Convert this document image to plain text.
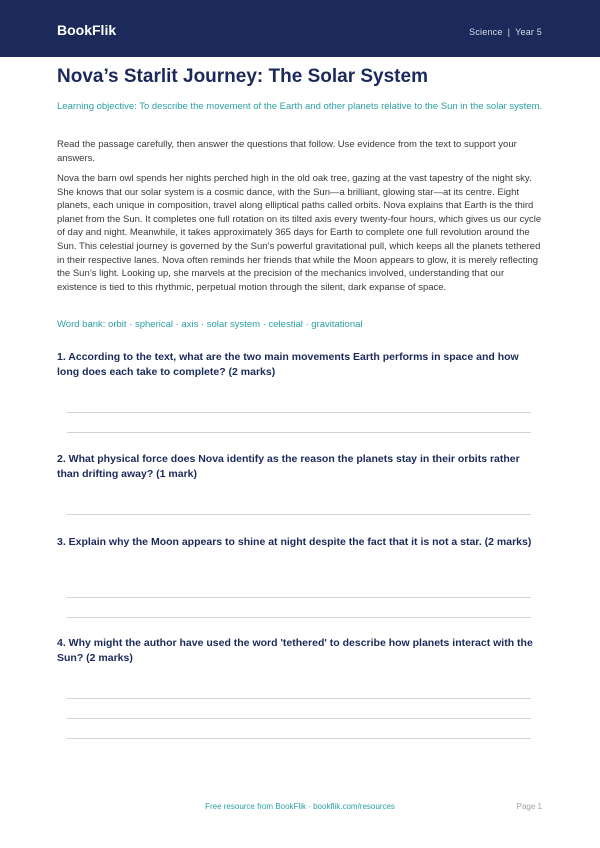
BookFlik	Science | Year 5
Nova’s Starlit Journey: The Solar System
Learning objective: To describe the movement of the Earth and other planets relative to the Sun in the solar system.
Read the passage carefully, then answer the questions that follow. Use evidence from the text to support your answers.
Nova the barn owl spends her nights perched high in the old oak tree, gazing at the vast tapestry of the night sky. She knows that our solar system is a cosmic dance, with the Sun—a brilliant, glowing star—at its centre. Eight planets, each unique in composition, travel along elliptical paths called orbits. Nova explains that Earth is the third planet from the Sun. It completes one full rotation on its tilted axis every twenty-four hours, which gives us our cycle of day and night. Meanwhile, it takes approximately 365 days for Earth to complete one full revolution around the Sun. This celestial journey is governed by the Sun’s powerful gravitational pull, which keeps all the planets tethered in their respective lanes. Nova often reminds her friends that while the Moon appears to glow, it is merely reflecting the Sun’s light. Looking up, she marvels at the precision of the mechanics involved, understanding that our existence is tied to this rhythmic, perpetual motion through the silent, dark expanse of space.
Word bank: orbit · spherical · axis · solar system · celestial · gravitational
1. According to the text, what are the two main movements Earth performs in space and how long does each take to complete? (2 marks)
2. What physical force does Nova identify as the reason the planets stay in their orbits rather than drifting away? (1 mark)
3. Explain why the Moon appears to shine at night despite the fact that it is not a star. (2 marks)
4. Why might the author have used the word 'tethered' to describe how planets interact with the Sun? (2 marks)
Free resource from BookFlik · bookflik.com/resources	Page 1
